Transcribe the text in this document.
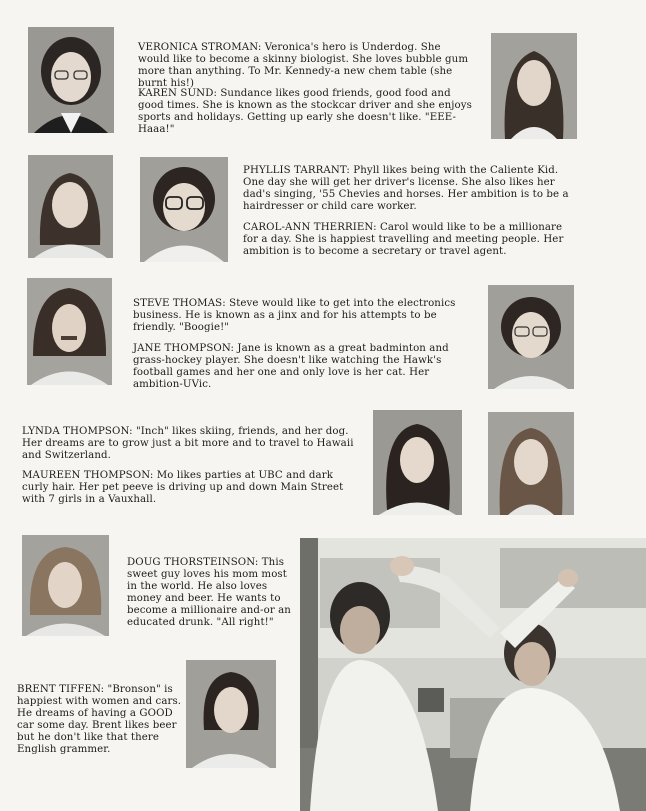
VERONICA STROMAN: Veronica's hero is Underdog. She would like to become a skinny biologist. She loves bubble gum more than anything. To Mr. Kennedy-a new chem table (she burnt his!)

KAREN SUND: Sundance likes good friends, good food and good times. She is known as the stockcar driver and she enjoys sports and holidays. Getting up early she doesn't like. "EEE-Haaa!"

PHYLLIS TARRANT: Phyll likes being with the Caliente Kid. One day she will get her driver's license. She also likes her dad's singing, '55 Chevies and horses. Her ambition is to be a hairdresser or child care worker.

CAROL-ANN THERRIEN: Carol would like to be a millionare for a day. She is happiest travelling and meeting people. Her ambition is to become a secretary or travel agent.

STEVE THOMAS: Steve would like to get into the electronics business. He is known as a jinx and for his attempts to be friendly. "Boogie!"

JANE THOMPSON: Jane is known as a great badminton and grass-hockey player. She doesn't like watching the Hawk's football games and her one and only love is her cat. Her ambition-UVic.

LYNDA THOMPSON: "Inch" likes skiing, friends, and her dog. Her dreams are to grow just a bit more and to travel to Hawaii and Switzerland.

MAUREEN THOMPSON: Mo likes parties at UBC and dark curly hair. Her pet peeve is driving up and down Main Street with 7 girls in a Vauxhall.

DOUG THORSTEINSON: This sweet guy loves his mom most in the world. He also loves money and beer. He wants to become a millionaire and-or an educated drunk. "All right!"

BRENT TIFFEN: "Bronson" is happiest with women and cars. He dreams of having a GOOD car some day. Brent likes beer but he don't like that there English grammer.
